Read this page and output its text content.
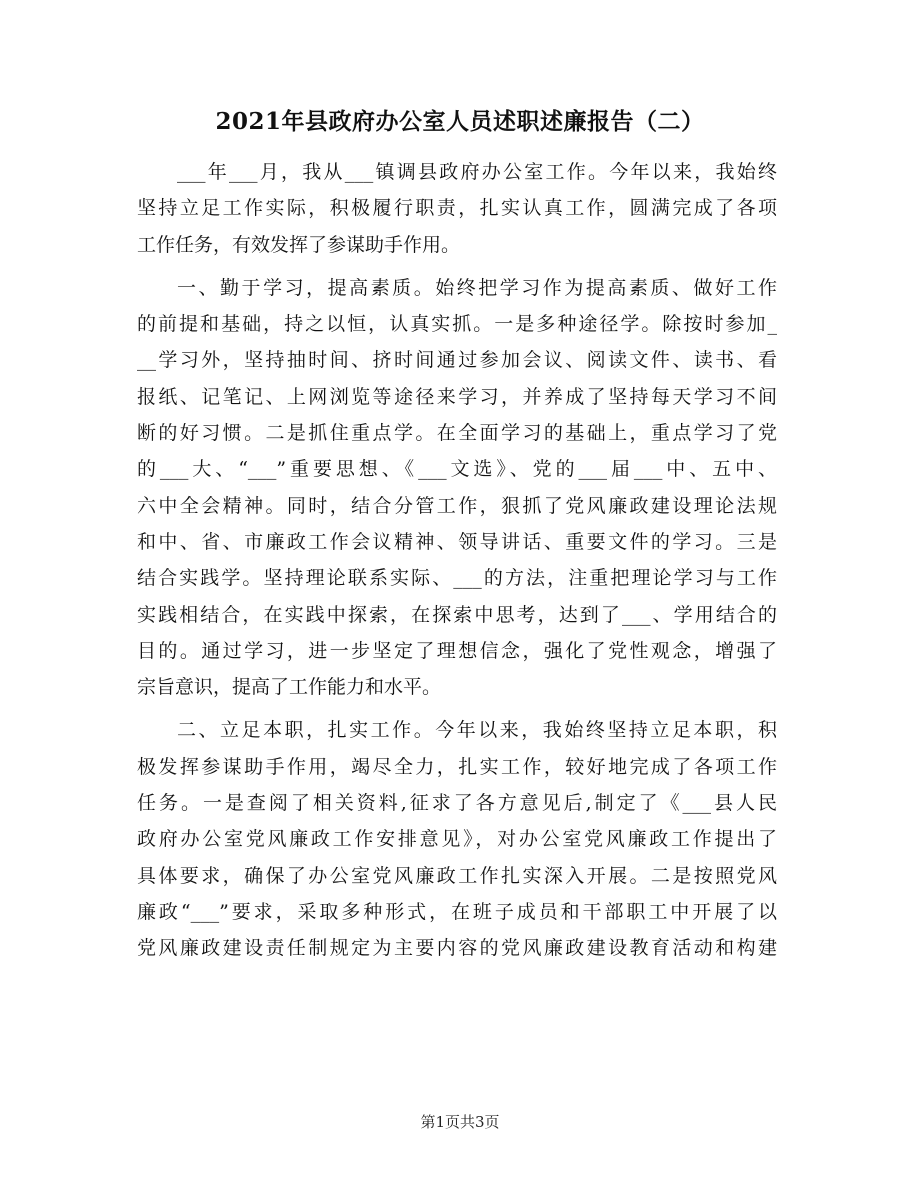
2021年县政府办公室人员述职述廉报告（二）
___年___月，我从___镇调县政府办公室工作。今年以来，我始终
坚持立足工作实际，积极履行职责，扎实认真工作，圆满完成了各项
工作任务，有效发挥了参谋助手作用。
一、勤于学习，提高素质。始终把学习作为提高素质、做好工作
的前提和基础，持之以恒，认真实抓。一是多种途径学。除按时参加_
__学习外，坚持抽时间、挤时间通过参加会议、阅读文件、读书、看
报纸、记笔记、上网浏览等途径来学习，并养成了坚持每天学习不间
断的好习惯。二是抓住重点学。在全面学习的基础上，重点学习了党
的___大、“___”重要思想、《___文选》、党的___届___中、五中、
六中全会精神。同时，结合分管工作，狠抓了党风廉政建设理论法规
和中、省、市廉政工作会议精神、领导讲话、重要文件的学习。三是
结合实践学。坚持理论联系实际、___的方法，注重把理论学习与工作
实践相结合，在实践中探索，在探索中思考，达到了___、学用结合的
目的。通过学习，进一步坚定了理想信念，强化了党性观念，增强了
宗旨意识，提高了工作能力和水平。
二、立足本职，扎实工作。今年以来，我始终坚持立足本职，积
极发挥参谋助手作用，竭尽全力，扎实工作，较好地完成了各项工作
任务。一是查阅了相关资料,征求了各方意见后,制定了《___县人民
政府办公室党风廉政工作安排意见》，对办公室党风廉政工作提出了
具体要求，确保了办公室党风廉政工作扎实深入开展。二是按照党风
廉政“___”要求，采取多种形式，在班子成员和干部职工中开展了以
党风廉政建设责任制规定为主要内容的党风廉政建设教育活动和构建
第1页共3页
